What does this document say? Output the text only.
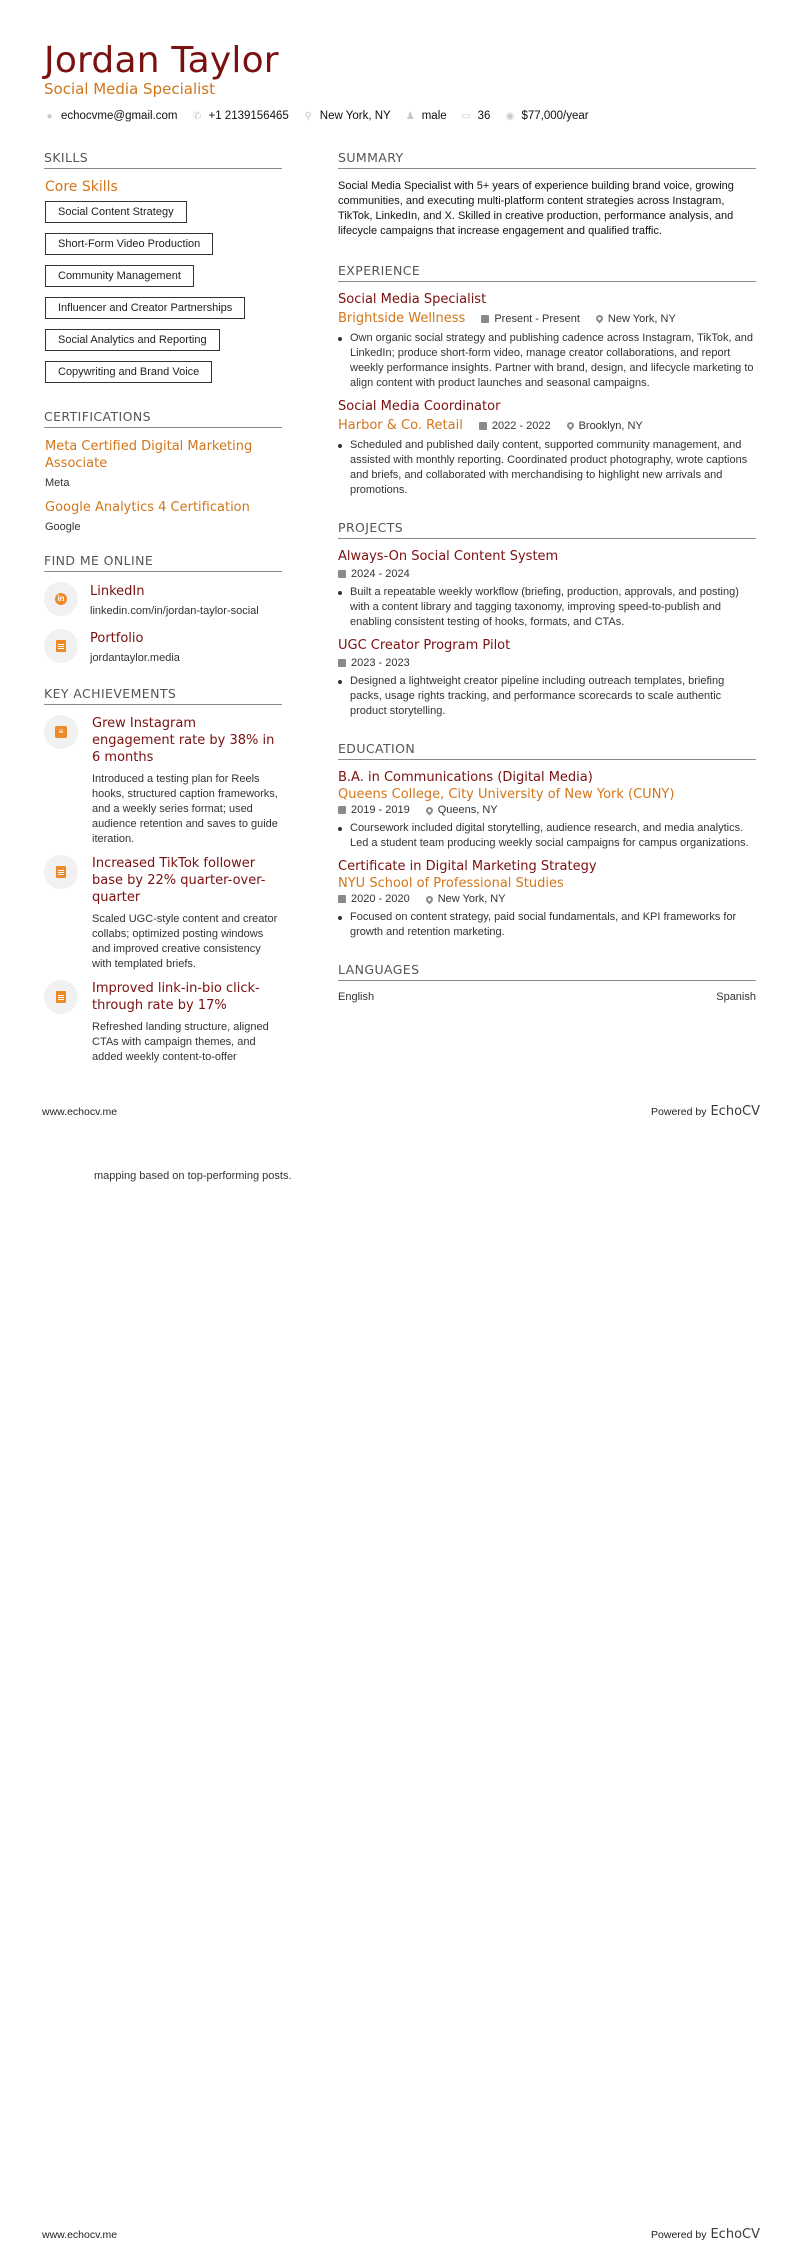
Jordan Taylor
Social Media Specialist
● echocvme@gmail.com ✆ +1 2139156465 ⚲ New York, NY ♟ male ▭ 36 ◉ $77,000/year
SKILLS
Core Skills
Social Content Strategy
Short-Form Video Production
Community Management
Influencer and Creator Partnerships
Social Analytics and Reporting
Copywriting and Brand Voice
CERTIFICATIONS
Meta Certified Digital Marketing Associate
Meta
Google Analytics 4 Certification
Google
FIND ME ONLINE
in LinkedIn
linkedin.com/in/jordan-taylor-social
Portfolio
jordantaylor.media
KEY ACHIEVEMENTS
≡
Grew Instagram engagement rate by 38% in 6 months
Introduced a testing plan for Reels hooks, structured caption frameworks, and a weekly series format; used audience retention and saves to guide iteration.
Increased TikTok follower base by 22% quarter-over-quarter
Scaled UGC-style content and creator collabs; optimized posting windows and improved creative consistency with templated briefs.
Improved link-in-bio click-through rate by 17%
Refreshed landing structure, aligned CTAs with campaign themes, and added weekly content-to-offer
SUMMARY
Social Media Specialist with 5+ years of experience building brand voice, growing communities, and executing multi-platform content strategies across Instagram, TikTok, LinkedIn, and X. Skilled in creative production, performance analysis, and lifecycle campaigns that increase engagement and qualified traffic.
EXPERIENCE
Social Media Specialist
Brightside Wellness	Present - Present	New York, NY
Own organic social strategy and publishing cadence across Instagram, TikTok, and LinkedIn; produce short-form video, manage creator collaborations, and report weekly performance insights. Partner with brand, design, and lifecycle marketing to align content with product launches and seasonal campaigns.
Social Media Coordinator
Harbor & Co. Retail	2022 - 2022	Brooklyn, NY
Scheduled and published daily content, supported community management, and assisted with monthly reporting. Coordinated product photography, wrote captions and briefs, and collaborated with merchandising to highlight new arrivals and promotions.
PROJECTS
Always-On Social Content System
2024 - 2024
Built a repeatable weekly workflow (briefing, production, approvals, and posting) with a content library and tagging taxonomy, improving speed-to-publish and enabling consistent testing of hooks, formats, and CTAs.
UGC Creator Program Pilot
2023 - 2023
Designed a lightweight creator pipeline including outreach templates, briefing packs, usage rights tracking, and performance scorecards to scale authentic product storytelling.
EDUCATION
B.A. in Communications (Digital Media)
Queens College, City University of New York (CUNY)
2019 - 2019	Queens, NY
Coursework included digital storytelling, audience research, and media analytics. Led a student team producing weekly social campaigns for campus organizations.
Certificate in Digital Marketing Strategy
NYU School of Professional Studies
2020 - 2020	New York, NY
Focused on content strategy, paid social fundamentals, and KPI frameworks for growth and retention marketing.
LANGUAGES
English	Spanish
www.echocv.me	Powered by EchoCV
mapping based on top-performing posts.
www.echocv.me	Powered by EchoCV
